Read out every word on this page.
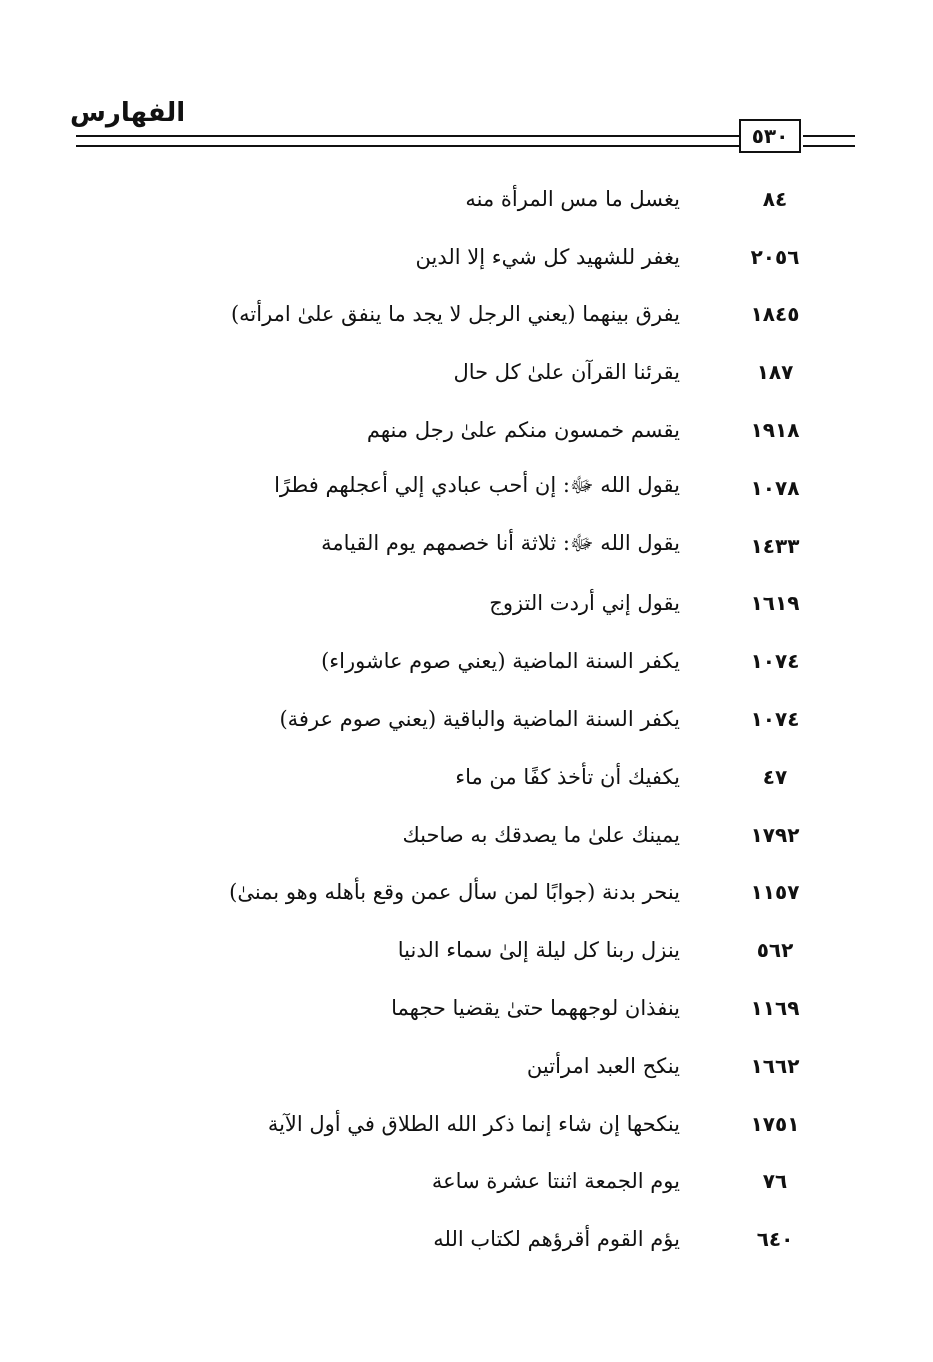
الفهارس
٥٣٠
٨٤
يغسل ما مس المرأة منه
٢٠٥٦
يغفر للشهيد كل شيء إلا الدين
١٨٤٥
يفرق بينهما (يعني الرجل لا يجد ما ينفق علىٰ امرأته)
١٨٧
يقرئنا القرآن علىٰ كل حال
١٩١٨
يقسم خمسون منكم علىٰ رجل منهم
١٠٧٨
يقول الله ﷻ: إن أحب عبادي إلي أعجلهم فطرًا
١٤٣٣
يقول الله ﷻ: ثلاثة أنا خصمهم يوم القيامة
١٦١٩
يقول إني أردت التزوج
١٠٧٤
يكفر السنة الماضية (يعني صوم عاشوراء)
١٠٧٤
يكفر السنة الماضية والباقية (يعني صوم عرفة)
٤٧
يكفيك أن تأخذ كفًا من ماء
١٧٩٢
يمينك علىٰ ما يصدقك به صاحبك
١١٥٧
ينحر بدنة (جوابًا لمن سأل عمن وقع بأهله وهو بمنىٰ)
٥٦٢
ينزل ربنا كل ليلة إلىٰ سماء الدنيا
١١٦٩
ينفذان لوجههما حتىٰ يقضيا حجهما
١٦٦٢
ينكح العبد امرأتين
١٧٥١
ينكحها إن شاء إنما ذكر الله الطلاق في أول الآية
٧٦
يوم الجمعة اثنتا عشرة ساعة
٦٤٠
يؤم القوم أقرؤهم لكتاب الله
